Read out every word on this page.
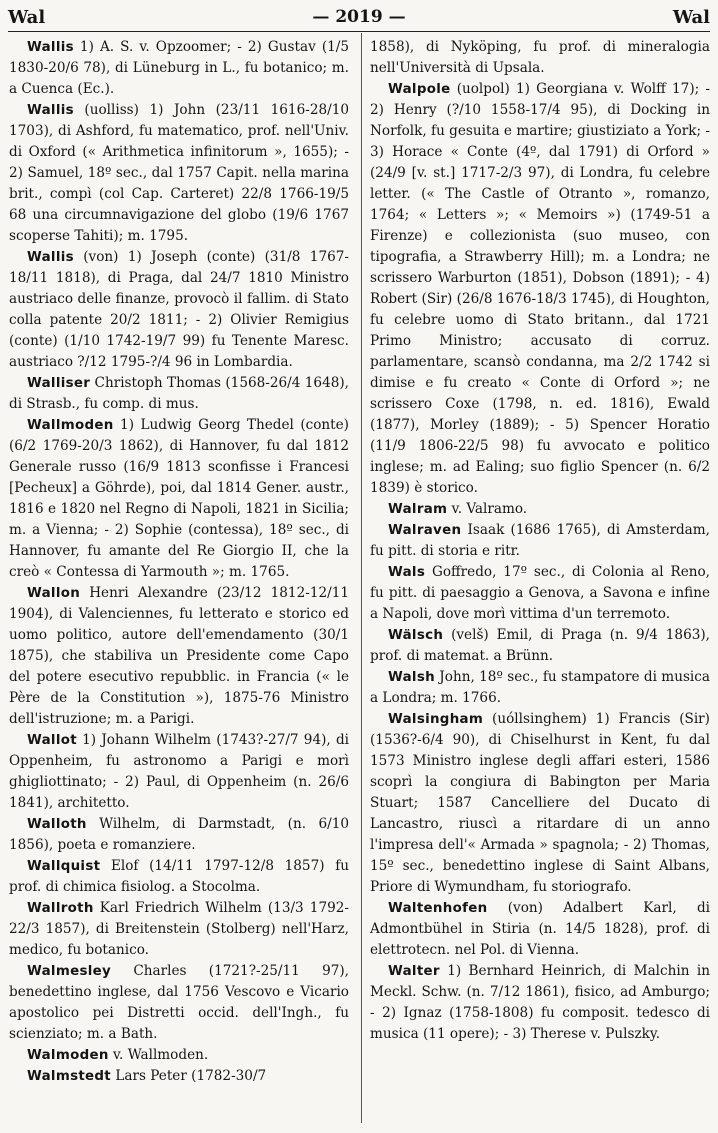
Wal	— 2019 —	Wal

Wallis 1) A. S. v. Opzoomer; - 2) Gustav (1/5 1830-20/6 78), di Lüneburg in L., fu botanico; m. a Cuenca (Ec.).

Wallis (uolliss) 1) John (23/11 1616-28/10 1703), di Ashford, fu matematico, prof. nell'Univ. di Oxford (« Arithmetica infinitorum », 1655); - 2) Samuel, 18º sec., dal 1757 Capit. nella marina brit., compì (col Cap. Carteret) 22/8 1766-19/5 68 una circumnavigazione del globo (19/6 1767 scoperse Tahiti); m. 1795.

Wallis (von) 1) Joseph (conte) (31/8 1767-18/11 1818), di Praga, dal 24/7 1810 Ministro austriaco delle finanze, provocò il fallim. di Stato colla patente 20/2 1811; - 2) Olivier Remigius (conte) (1/10 1742-19/7 99) fu Tenente Maresc. austriaco ?/12 1795-?/4 96 in Lombardia.

Walliser Christoph Thomas (1568-26/4 1648), di Strasb., fu comp. di mus.

Wallmoden 1) Ludwig Georg Thedel (conte) (6/2 1769-20/3 1862), di Hannover, fu dal 1812 Generale russo (16/9 1813 sconfisse i Francesi [Pecheux] a Göhrde), poi, dal 1814 Gener. austr., 1816 e 1820 nel Regno di Napoli, 1821 in Sicilia; m. a Vienna; - 2) Sophie (contessa), 18º sec., di Hannover, fu amante del Re Giorgio II, che la creò « Contessa di Yarmouth »; m. 1765.

Wallon Henri Alexandre (23/12 1812-12/11 1904), di Valenciennes, fu letterato e storico ed uomo politico, autore dell'emendamento (30/1 1875), che stabiliva un Presidente come Capo del potere esecutivo repubblic. in Francia (« le Père de la Constitution »), 1875-76 Ministro dell'istruzione; m. a Parigi.

Wallot 1) Johann Wilhelm (1743?-27/7 94), di Oppenheim, fu astronomo a Parigi e morì ghigliottinato; - 2) Paul, di Oppenheim (n. 26/6 1841), architetto.

Walloth Wilhelm, di Darmstadt, (n. 6/10 1856), poeta e romanziere.

Wallquist Elof (14/11 1797-12/8 1857) fu prof. di chimica fisiolog. a Stocolma.

Wallroth Karl Friedrich Wilhelm (13/3 1792-22/3 1857), di Breitenstein (Stolberg) nell'Harz, medico, fu botanico.

Walmesley Charles (1721?-25/11 97), benedettino inglese, dal 1756 Vescovo e Vicario apostolico pei Distretti occid. dell'Ingh., fu scienziato; m. a Bath.

Walmoden v. Wallmoden.

Walmstedt Lars Peter (1782-30/7

1858), di Nyköping, fu prof. di mineralogia nell'Università di Upsala.

Walpole (uolpol) 1) Georgiana v. Wolff 17); - 2) Henry (?/10 1558-17/4 95), di Docking in Norfolk, fu gesuita e martire; giustiziato a York; - 3) Horace « Conte (4º, dal 1791) di Orford » (24/9 [v. st.] 1717-2/3 97), di Londra, fu celebre letter. (« The Castle of Otranto », romanzo, 1764; « Letters »; « Memoirs ») (1749-51 a Firenze) e collezionista (suo museo, con tipografia, a Strawberry Hill); m. a Londra; ne scrissero Warburton (1851), Dobson (1891); - 4) Robert (Sir) (26/8 1676-18/3 1745), di Houghton, fu celebre uomo di Stato britann., dal 1721 Primo Ministro; accusato di corruz. parlamentare, scansò condanna, ma 2/2 1742 si dimise e fu creato « Conte di Orford »; ne scrissero Coxe (1798, n. ed. 1816), Ewald (1877), Morley (1889); - 5) Spencer Horatio (11/9 1806-22/5 98) fu avvocato e politico inglese; m. ad Ealing; suo figlio Spencer (n. 6/2 1839) è storico.

Walram v. Valramo.

Walraven Isaak (1686 1765), di Amsterdam, fu pitt. di storia e ritr.

Wals Goffredo, 17º sec., di Colonia al Reno, fu pitt. di paesaggio a Genova, a Savona e infine a Napoli, dove morì vittima d'un terremoto.

Wälsch (velš) Emil, di Praga (n. 9/4 1863), prof. di matemat. a Brünn.

Walsh John, 18º sec., fu stampatore di musica a Londra; m. 1766.

Walsingham (uóllsinghem) 1) Francis (Sir) (1536?-6/4 90), di Chiselhurst in Kent, fu dal 1573 Ministro inglese degli affari esteri, 1586 scoprì la congiura di Babington per Maria Stuart; 1587 Cancelliere del Ducato di Lancastro, riuscì a ritardare di un anno l'impresa dell'« Armada » spagnola; - 2) Thomas, 15º sec., benedettino inglese di Saint Albans, Priore di Wymundham, fu storiografo.

Waltenhofen (von) Adalbert Karl, di Admontbühel in Stiria (n. 14/5 1828), prof. di elettrotecn. nel Pol. di Vienna.

Walter 1) Bernhard Heinrich, di Malchin in Meckl. Schw. (n. 7/12 1861), fisico, ad Amburgo; - 2) Ignaz (1758-1808) fu composit. tedesco di musica (11 opere); - 3) Therese v. Pulszky.
